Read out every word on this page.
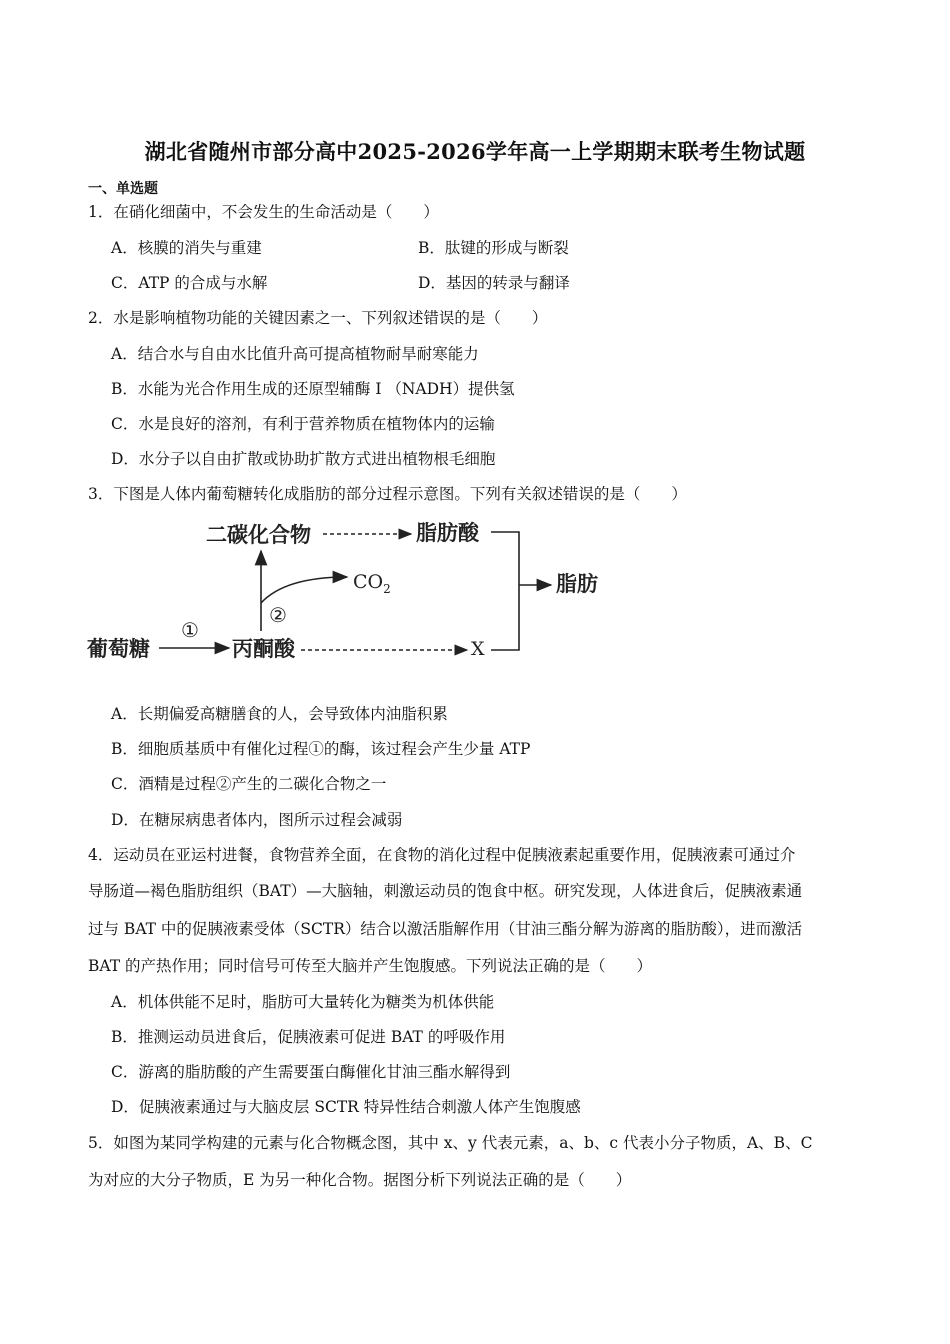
湖北省随州市部分高中2025-2026学年高一上学期期末联考生物试题
一、单选题
1．在硝化细菌中，不会发生的生命活动是（　　）
A．核膜的消失与重建	B．肽键的形成与断裂
C．ATP 的合成与水解	D．基因的转录与翻译
2．水是影响植物功能的关键因素之一、下列叙述错误的是（　　）
A．结合水与自由水比值升高可提高植物耐旱耐寒能力
B．水能为光合作用生成的还原型辅酶 I （NADH）提供氢
C．水是良好的溶剂，有利于营养物质在植物体内的运输
D．水分子以自由扩散或协助扩散方式进出植物根毛细胞
3．下图是人体内葡萄糖转化成脂肪的部分过程示意图。下列有关叙述错误的是（　　）
葡萄糖	丙酮酸
二碳化合物	脂肪酸
脂肪
$CO_2$
X
①
②
A．长期偏爱高糖膳食的人，会导致体内油脂积累
B．细胞质基质中有催化过程①的酶，该过程会产生少量 ATP
C．酒精是过程②产生的二碳化合物之一
D．在糖尿病患者体内，图所示过程会减弱
4．运动员在亚运村进餐，食物营养全面，在食物的消化过程中促胰液素起重要作用，促胰液素可通过介
导肠道—褐色脂肪组织（BAT）—大脑轴，刺激运动员的饱食中枢。研究发现，人体进食后，促胰液素通
过与 BAT 中的促胰液素受体（SCTR）结合以激活脂解作用（甘油三酯分解为游离的脂肪酸），进而激活
BAT 的产热作用；同时信号可传至大脑并产生饱腹感。下列说法正确的是（　　）
A．机体供能不足时，脂肪可大量转化为糖类为机体供能
B．推测运动员进食后，促胰液素可促进 BAT 的呼吸作用
C．游离的脂肪酸的产生需要蛋白酶催化甘油三酯水解得到
D．促胰液素通过与大脑皮层 SCTR 特异性结合刺激人体产生饱腹感
5．如图为某同学构建的元素与化合物概念图，其中 x、y 代表元素，a、b、c 代表小分子物质，A、B、C
为对应的大分子物质，E 为另一种化合物。据图分析下列说法正确的是（　　）
